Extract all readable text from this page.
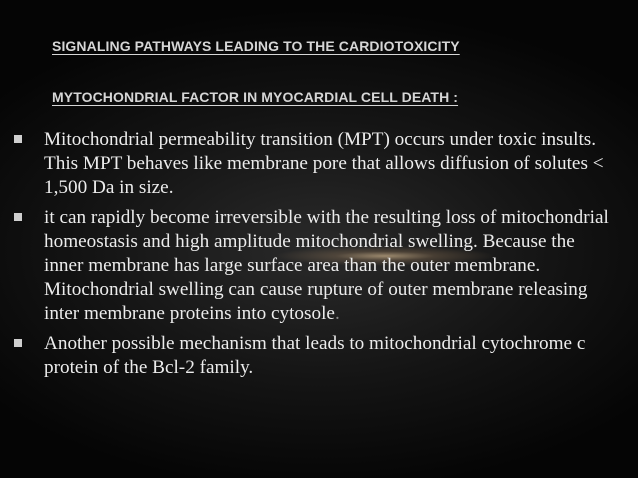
SIGNALING PATHWAYS LEADING TO THE CARDIOTOXICITY
MYTOCHONDRIAL FACTOR IN MYOCARDIAL CELL DEATH :
Mitochondrial permeability transition (MPT) occurs under toxic insults. This MPT behaves like membrane pore that allows diffusion of solutes < 1,500 Da in size.
it can rapidly become irreversible with the resulting loss of mitochondrial homeostasis and high amplitude mitochondrial swelling. Because the inner membrane has large surface area than the outer membrane. Mitochondrial swelling can cause rupture of outer membrane releasing inter membrane proteins into cytosole.
Another possible mechanism that leads to mitochondrial cytochrome c protein of the Bcl-2 family.
